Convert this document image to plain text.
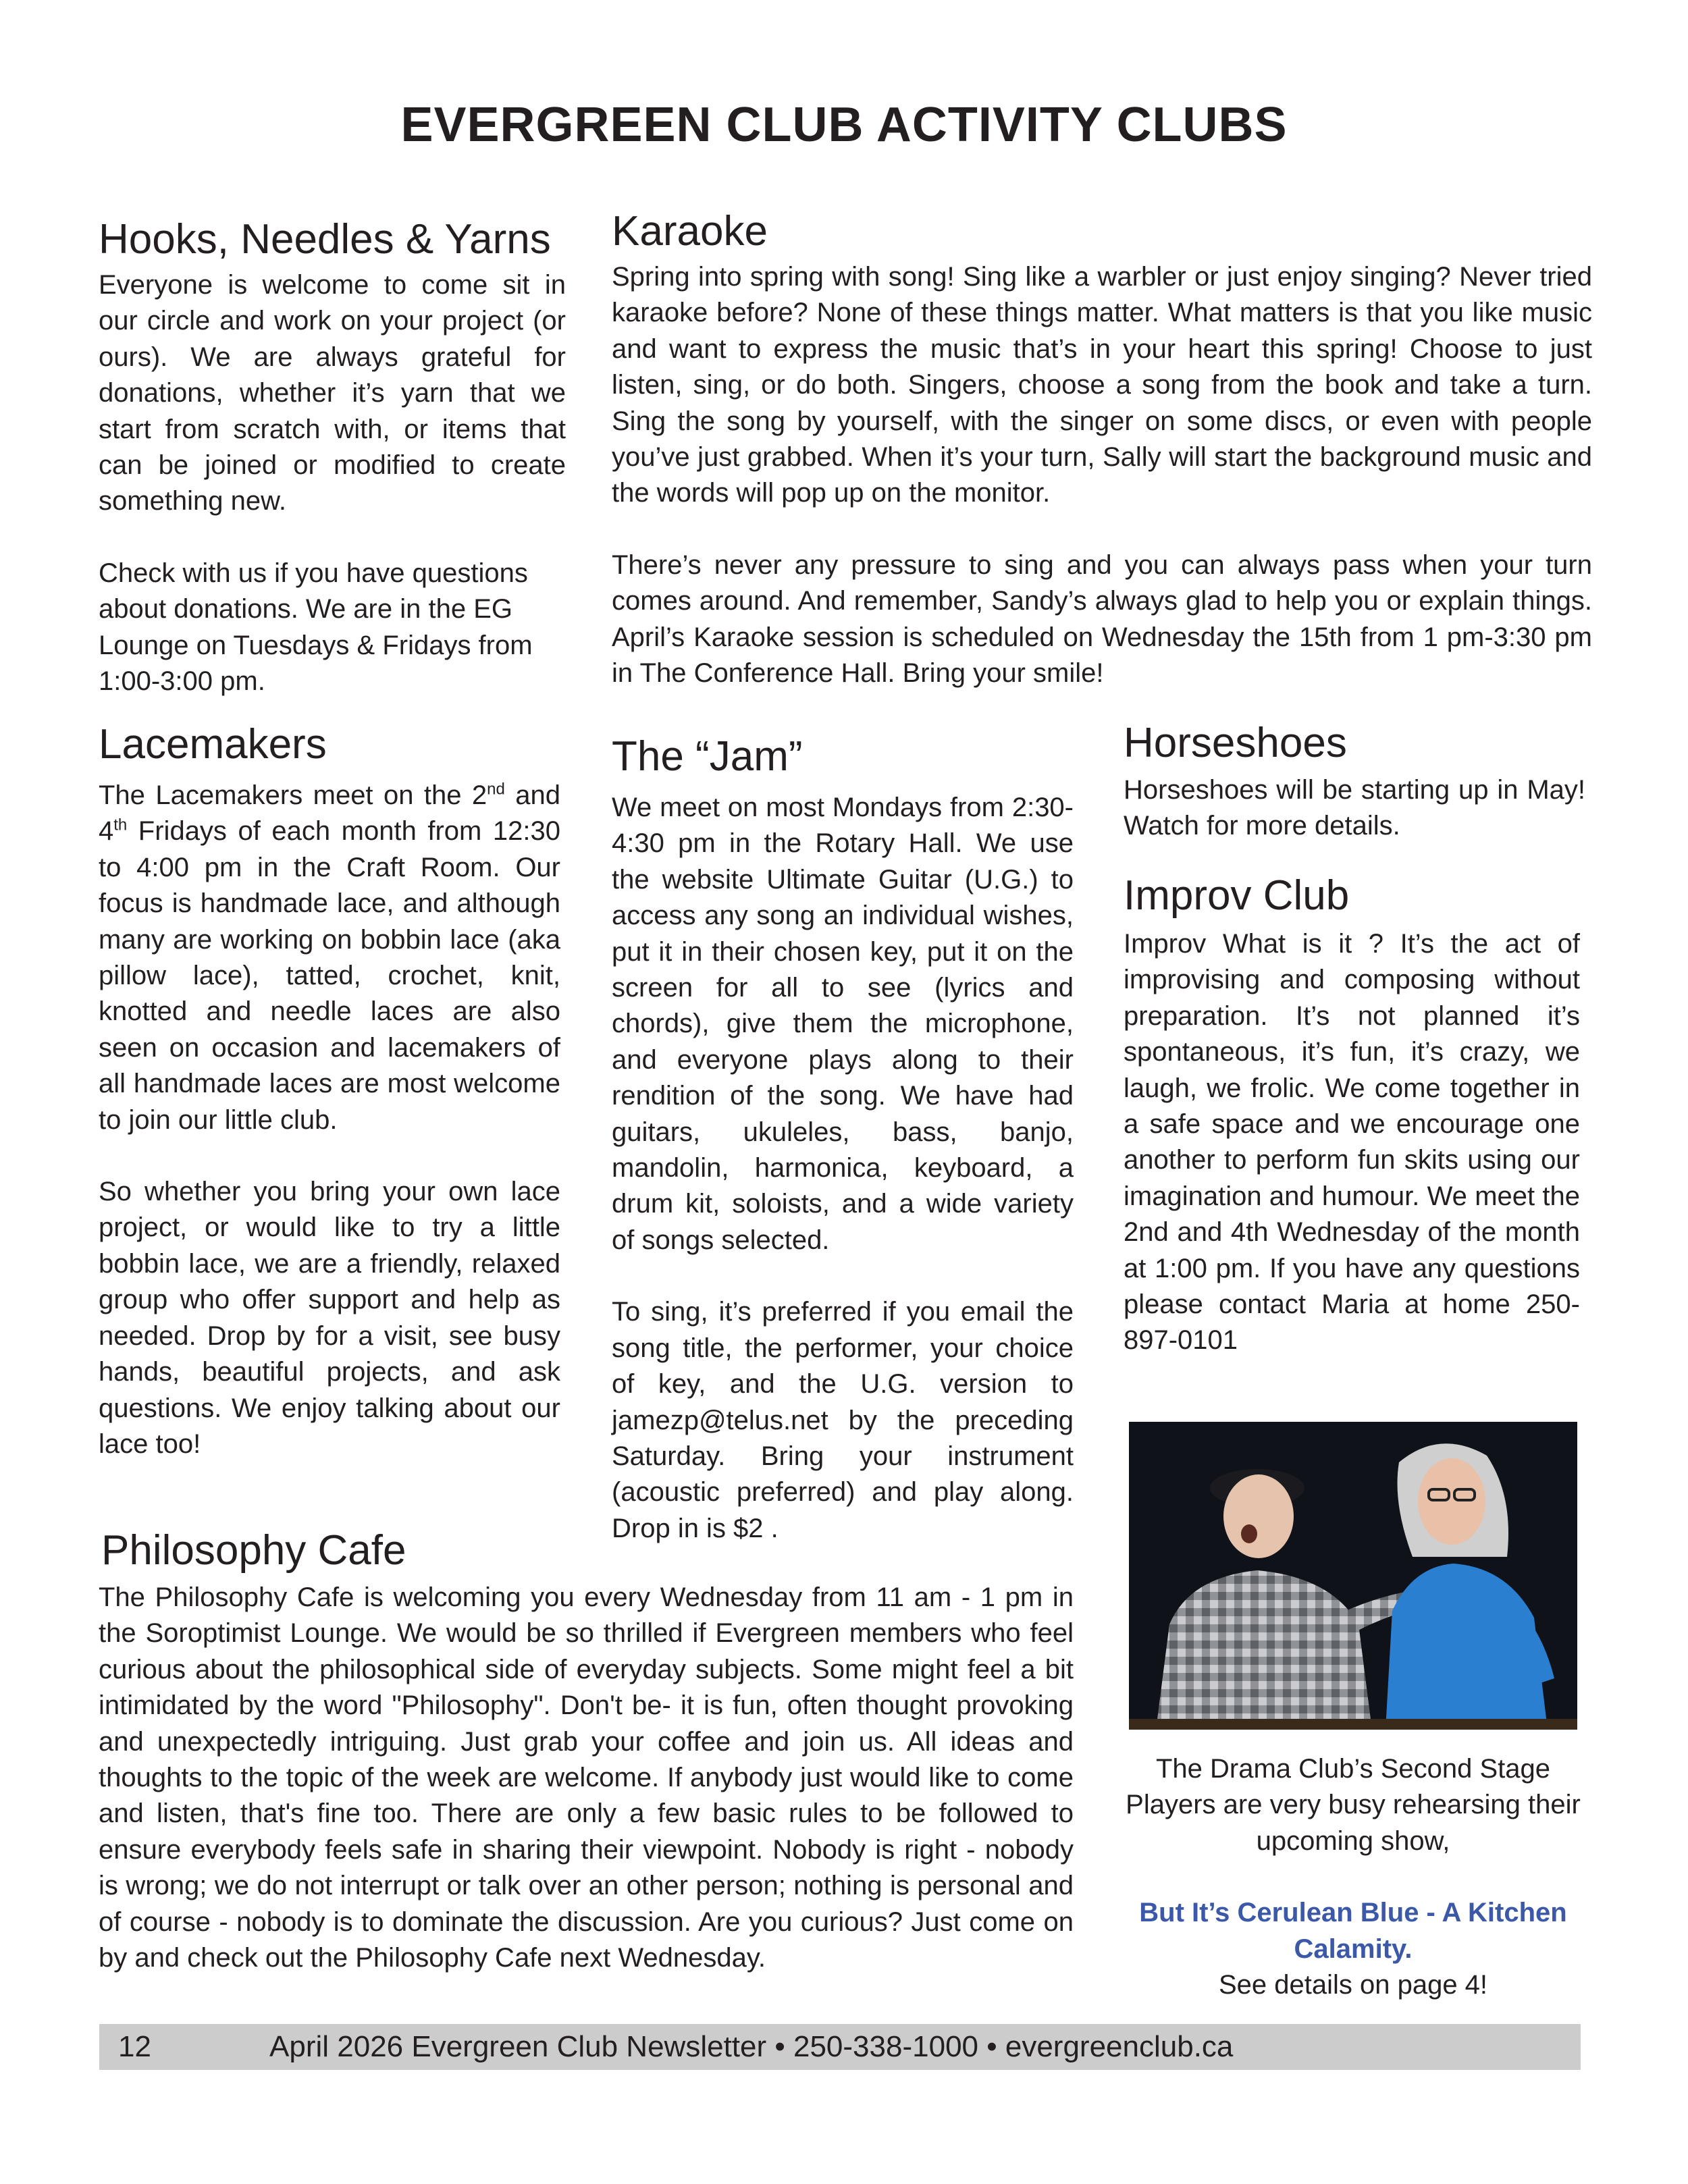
EVERGREEN CLUB ACTIVITY CLUBS
Hooks, Needles & Yarns

Everyone is welcome to come sit in our circle and work on your project (or ours). We are always grateful for donations, whether it’s yarn that we start from scratch with, or items that can be joined or modified to create something new.

Check with us if you have questions about donations. We are in the EG Lounge on Tuesdays & Fridays from 1:00-3:00 pm.

Karaoke

Spring into spring with song! Sing like a warbler or just enjoy singing? Never tried karaoke before? None of these things matter. What matters is that you like music and want to express the music that’s in your heart this spring! Choose to just listen, sing, or do both. Singers, choose a song from the book and take a turn. Sing the song by yourself, with the singer on some discs, or even with people you’ve just grabbed. When it’s your turn, Sally will start the background music and the words will pop up on the monitor.

There’s never any pressure to sing and you can always pass when your turn comes around. And remember, Sandy’s always glad to help you or explain things. April’s Karaoke session is scheduled on Wednesday the 15th from 1 pm-3:30 pm in The Conference Hall. Bring your smile!

Lacemakers

The Lacemakers meet on the 2nd and 4th Fridays of each month from 12:30 to 4:00 pm in the Craft Room. Our focus is handmade lace, and although many are working on bobbin lace (aka pillow lace), tatted, crochet, knit, knotted and needle laces are also seen on occasion and lacemakers of all handmade laces are most welcome to join our little club.

So whether you bring your own lace project, or would like to try a little bobbin lace, we are a friendly, relaxed group who offer support and help as needed. Drop by for a visit, see busy hands, beautiful projects, and ask questions. We enjoy talking about our lace too!

The “Jam”

We meet on most Mondays from 2:30-4:30 pm in the Rotary Hall. We use the website Ultimate Guitar (U.G.) to access any song an individual wishes, put it in their chosen key, put it on the screen for all to see (lyrics and chords), give them the microphone, and everyone plays along to their rendition of the song. We have had guitars, ukuleles, bass, banjo, mandolin, harmonica, keyboard, a drum kit, soloists, and a wide variety of songs selected.

To sing, it’s preferred if you email the song title, the performer, your choice of key, and the U.G. version to jamezp@telus.net by the preceding Saturday. Bring your instrument (acoustic preferred) and play along. Drop in is $2 .

Horseshoes

Horseshoes will be starting up in May! Watch for more details.

Improv Club

Improv What is it ? It’s the act of improvising and composing without preparation. It’s not planned it’s spontaneous, it’s fun, it’s crazy, we laugh, we frolic. We come together in a safe space and we encourage one another to perform fun skits using our imagination and humour. We meet the 2nd and 4th Wednesday of the month at 1:00 pm. If you have any questions please contact Maria at home 250-897-0101

The Drama Club’s Second Stage Players are very busy rehearsing their upcoming show,

But It’s Cerulean Blue - A Kitchen Calamity.

See details on page 4!

Philosophy Cafe

The Philosophy Cafe is welcoming you every Wednesday from 11 am - 1 pm in the Soroptimist Lounge. We would be so thrilled if Evergreen members who feel curious about the philosophical side of everyday subjects. Some might feel a bit intimidated by the word "Philosophy". Don't be- it is fun, often thought provoking and unexpectedly intriguing. Just grab your coffee and join us. All ideas and thoughts to the topic of the week are welcome. If anybody just would like to come and listen, that's fine too. There are only a few basic rules to be followed to ensure everybody feels safe in sharing their viewpoint. Nobody is right - nobody is wrong; we do not interrupt or talk over an other person; nothing is personal and of course - nobody is to dominate the discussion. Are you curious? Just come on by and check out the Philosophy Cafe next Wednesday.

12	April 2026 Evergreen Club Newsletter • 250-338-1000 • evergreenclub.ca
